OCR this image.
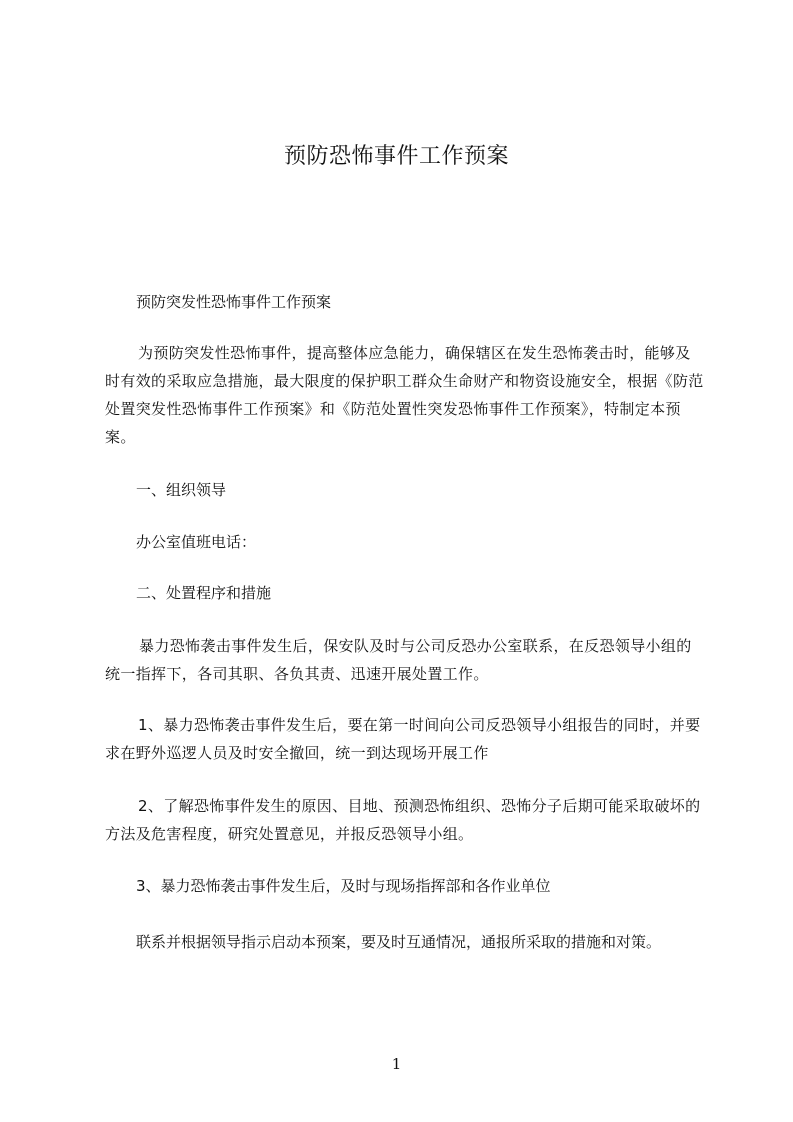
预防恐怖事件工作预案

预防突发性恐怖事件工作预案

为预防突发性恐怖事件，提高整体应急能力，确保辖区在发生恐怖袭击时，能够及时有效的采取应急措施，最大限度的保护职工群众生命财产和物资设施安全，根据《防范处置突发性恐怖事件工作预案》和《防范处置性突发恐怖事件工作预案》，特制定本预案。

一、组织领导

办公室值班电话：

二、处置程序和措施

暴力恐怖袭击事件发生后，保安队及时与公司反恐办公室联系，在反恐领导小组的统一指挥下，各司其职、各负其责、迅速开展处置工作。

1、暴力恐怖袭击事件发生后，要在第一时间向公司反恐领导小组报告的同时，并要求在野外巡逻人员及时安全撤回，统一到达现场开展工作

2、了解恐怖事件发生的原因、目地、预测恐怖组织、恐怖分子后期可能采取破坏的方法及危害程度，研究处置意见，并报反恐领导小组。

3、暴力恐怖袭击事件发生后，及时与现场指挥部和各作业单位

联系并根据领导指示启动本预案，要及时互通情况，通报所采取的措施和对策。

1
